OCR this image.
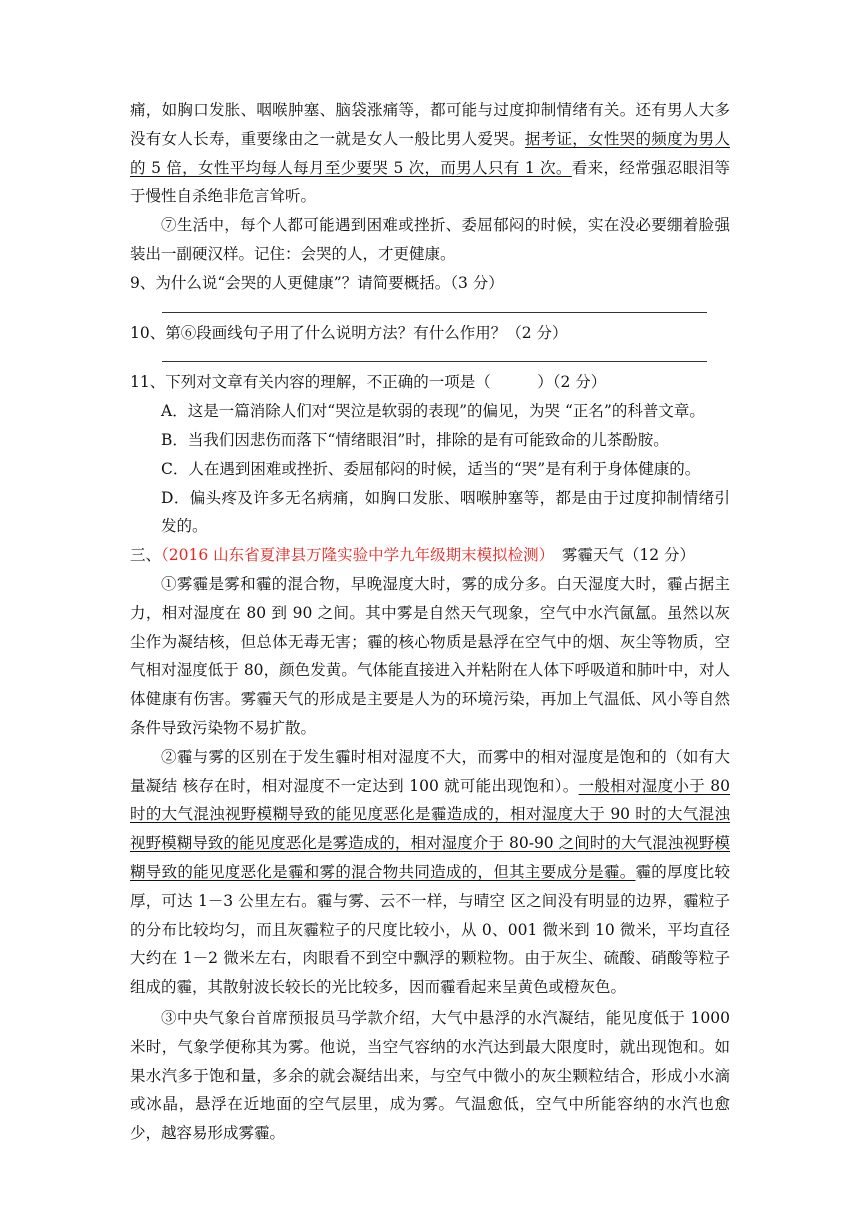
痛，如胸口发胀、咽喉肿塞、脑袋涨痛等，都可能与过度抑制情绪有关。还有男人大多没有女人长寿，重要缘由之一就是女人一般比男人爱哭。据考证，女性哭的频度为男人的 5 倍，女性平均每人每月至少要哭 5 次，而男人只有 1 次。看来，经常强忍眼泪等于慢性自杀绝非危言耸听。

⑦生活中，每个人都可能遇到困难或挫折、委屈郁闷的时候，实在没必要绷着脸强装出一副硬汉样。记住：会哭的人，才更健康。

9、为什么说“会哭的人更健康”？请简要概括。（3 分）

10、第⑥段画线句子用了什么说明方法？有什么作用？（2 分）

11、下列对文章有关内容的理解，不正确的一项是（　　　）（2 分）

A．这是一篇消除人们对“哭泣是软弱的表现”的偏见，为哭 “正名”的科普文章。

B．当我们因悲伤而落下“情绪眼泪”时，排除的是有可能致命的儿茶酚胺。

C．人在遇到困难或挫折、委屈郁闷的时候，适当的“哭”是有利于身体健康的。

D．偏头疼及许多无名病痛，如胸口发胀、咽喉肿塞等，都是由于过度抑制情绪引发的。

三、（2016 山东省夏津县万隆实验中学九年级期末模拟检测）　雾霾天气（12 分）

①雾霾是雾和霾的混合物，早晚湿度大时，雾的成分多。白天湿度大时，霾占据主力，相对湿度在 80 到 90 之间。其中雾是自然天气现象，空气中水汽氤氲。虽然以灰尘作为凝结核，但总体无毒无害；霾的核心物质是悬浮在空气中的烟、灰尘等物质，空气相对湿度低于 80，颜色发黄。气体能直接进入并粘附在人体下呼吸道和肺叶中，对人体健康有伤害。雾霾天气的形成是主要是人为的环境污染，再加上气温低、风小等自然条件导致污染物不易扩散。

②霾与雾的区别在于发生霾时相对湿度不大，而雾中的相对湿度是饱和的（如有大量凝结 核存在时，相对湿度不一定达到 100 就可能出现饱和）。一般相对湿度小于 80 时的大气混浊视野模糊导致的能见度恶化是霾造成的，相对湿度大于 90 时的大气混浊视野模糊导致的能见度恶化是雾造成的，相对湿度介于 80-90 之间时的大气混浊视野模糊导致的能见度恶化是霾和雾的混合物共同造成的，但其主要成分是霾。霾的厚度比较厚，可达 1－3 公里左右。霾与雾、云不一样，与晴空 区之间没有明显的边界，霾粒子的分布比较均匀，而且灰霾粒子的尺度比较小，从 0、001 微米到 10 微米，平均直径大约在 1－2 微米左右，肉眼看不到空中飘浮的颗粒物。由于灰尘、硫酸、硝酸等粒子组成的霾，其散射波长较长的光比较多，因而霾看起来呈黄色或橙灰色。

③中央气象台首席预报员马学款介绍，大气中悬浮的水汽凝结，能见度低于 1000 米时，气象学便称其为雾。他说，当空气容纳的水汽达到最大限度时，就出现饱和。如果水汽多于饱和量，多余的就会凝结出来，与空气中微小的灰尘颗粒结合，形成小水滴或冰晶，悬浮在近地面的空气层里，成为雾。气温愈低，空气中所能容纳的水汽也愈少，越容易形成雾霾。
